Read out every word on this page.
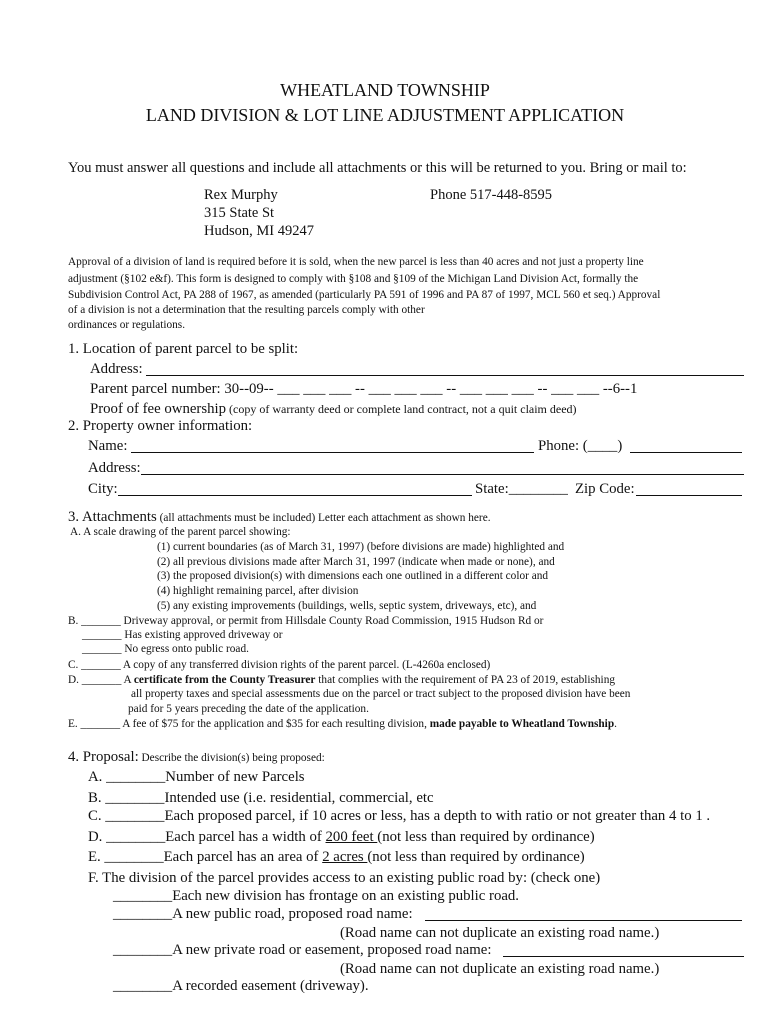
WHEATLAND TOWNSHIP
LAND DIVISION & LOT LINE ADJUSTMENT APPLICATION
You must answer all questions and include all attachments or this will be returned to you. Bring or mail to:
Rex Murphy	Phone 517-448-8595
315 State St
Hudson, MI 49247
Approval of a division of land is required before it is sold, when the new parcel is less than 40 acres and not just a property line
adjustment (§102 e&f). This form is designed to comply with §108 and §109 of the Michigan Land Division Act, formally the
Subdivision Control Act, PA 288 of 1967, as amended (particularly PA 591 of 1996 and PA 87 of 1997, MCL 560 et seq.) Approval
of a division is not a determination that the resulting parcels comply with other
ordinances or regulations.
1. Location of parent parcel to be split:
Address:
Parent parcel number: 30--09-- ___ ___ ___ -- ___ ___ ___ -- ___ ___ ___ -- ___ ___ --6--1
Proof of fee ownership (copy of warranty deed or complete land contract, not a quit claim deed)
2. Property owner information:
Name:	Phone: (____)
Address:
City:	State:________ Zip Code:
3. Attachments (all attachments must be included) Letter each attachment as shown here.
A. A scale drawing of the parent parcel showing:
(1) current boundaries (as of March 31, 1997) (before divisions are made) highlighted and
(2) all previous divisions made after March 31, 1997 (indicate when made or none), and
(3) the proposed division(s) with dimensions each one outlined in a different color and
(4) highlight remaining parcel, after division
(5) any existing improvements (buildings, wells, septic system, driveways, etc), and
B. _______ Driveway approval, or permit from Hillsdale County Road Commission, 1915 Hudson Rd or
_______ Has existing approved driveway or
_______ No egress onto public road.
C. _______ A copy of any transferred division rights of the parent parcel. (L-4260a enclosed)
D. _______ A certificate from the County Treasurer that complies with the requirement of PA 23 of 2019, establishing
all property taxes and special assessments due on the parcel or tract subject to the proposed division have been
paid for 5 years preceding the date of the application.
E. _______ A fee of $75 for the application and $35 for each resulting division, made payable to Wheatland Township.
4. Proposal: Describe the division(s) being proposed:
A. ________Number of new Parcels
B. ________Intended use (i.e. residential, commercial, etc
C. ________Each proposed parcel, if 10 acres or less, has a depth to with ratio or not greater than 4 to 1 .
D. ________Each parcel has a width of 200 feet (not less than required by ordinance)
E. ________Each parcel has an area of 2 acres (not less than required by ordinance)
F. The division of the parcel provides access to an existing public road by: (check one)
________Each new division has frontage on an existing public road.
________A new public road, proposed road name:
(Road name can not duplicate an existing road name.)
________A new private road or easement, proposed road name:
(Road name can not duplicate an existing road name.)
________A recorded easement (driveway).
